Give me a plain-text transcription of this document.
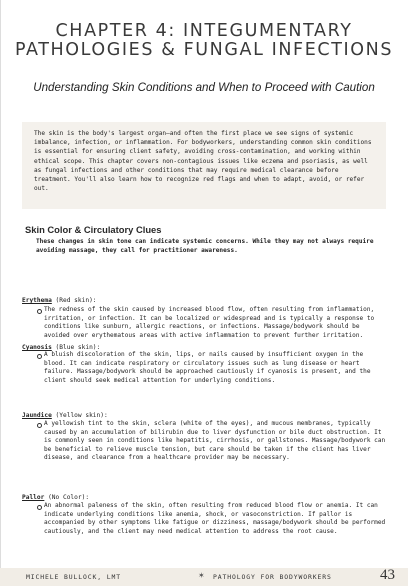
CHAPTER 4: INTEGUMENTARY PATHOLOGIES & FUNGAL INFECTIONS
Understanding Skin Conditions and When to Proceed with Caution

The skin is the body's largest organ—and often the first place we see signs of systemic imbalance, infection, or inflammation. For bodyworkers, understanding common skin conditions is essential for ensuring client safety, avoiding cross-contamination, and working within ethical scope. This chapter covers non-contagious issues like eczema and psoriasis, as well as fungal infections and other conditions that may require medical clearance before treatment. You'll also learn how to recognize red flags and when to adapt, avoid, or refer out.

Skin Color & Circulatory Clues

These changes in skin tone can indicate systemic concerns. While they may not always require avoiding massage, they call for practitioner awareness.

Erythema (Red skin):

The redness of the skin caused by increased blood flow, often resulting from inflammation, irritation, or infection. It can be localized or widespread and is typically a response to conditions like sunburn, allergic reactions, or infections. Massage/bodywork should be avoided over erythematous areas with active inflammation to prevent further irritation.

Cyanosis (Blue skin):

A bluish discoloration of the skin, lips, or nails caused by insufficient oxygen in the blood. It can indicate respiratory or circulatory issues such as lung disease or heart failure. Massage/bodywork should be approached cautiously if cyanosis is present, and the client should seek medical attention for underlying conditions.

Jaundice (Yellow skin):

A yellowish tint to the skin, sclera (white of the eyes), and mucous membranes, typically caused by an accumulation of bilirubin due to liver dysfunction or bile duct obstruction. It is commonly seen in conditions like hepatitis, cirrhosis, or gallstones. Massage/bodywork can be beneficial to relieve muscle tension, but care should be taken if the client has liver disease, and clearance from a healthcare provider may be necessary.

Pallor (No Color):

An abnormal paleness of the skin, often resulting from reduced blood flow or anemia. It can indicate underlying conditions like anemia, shock, or vasoconstriction. If pallor is accompanied by other symptoms like fatigue or dizziness, massage/bodywork should be performed cautiously, and the client may need medical attention to address the root cause.

MICHELE BULLOCK, LMT	✶ PATHOLOGY FOR BODYWORKERS	43
